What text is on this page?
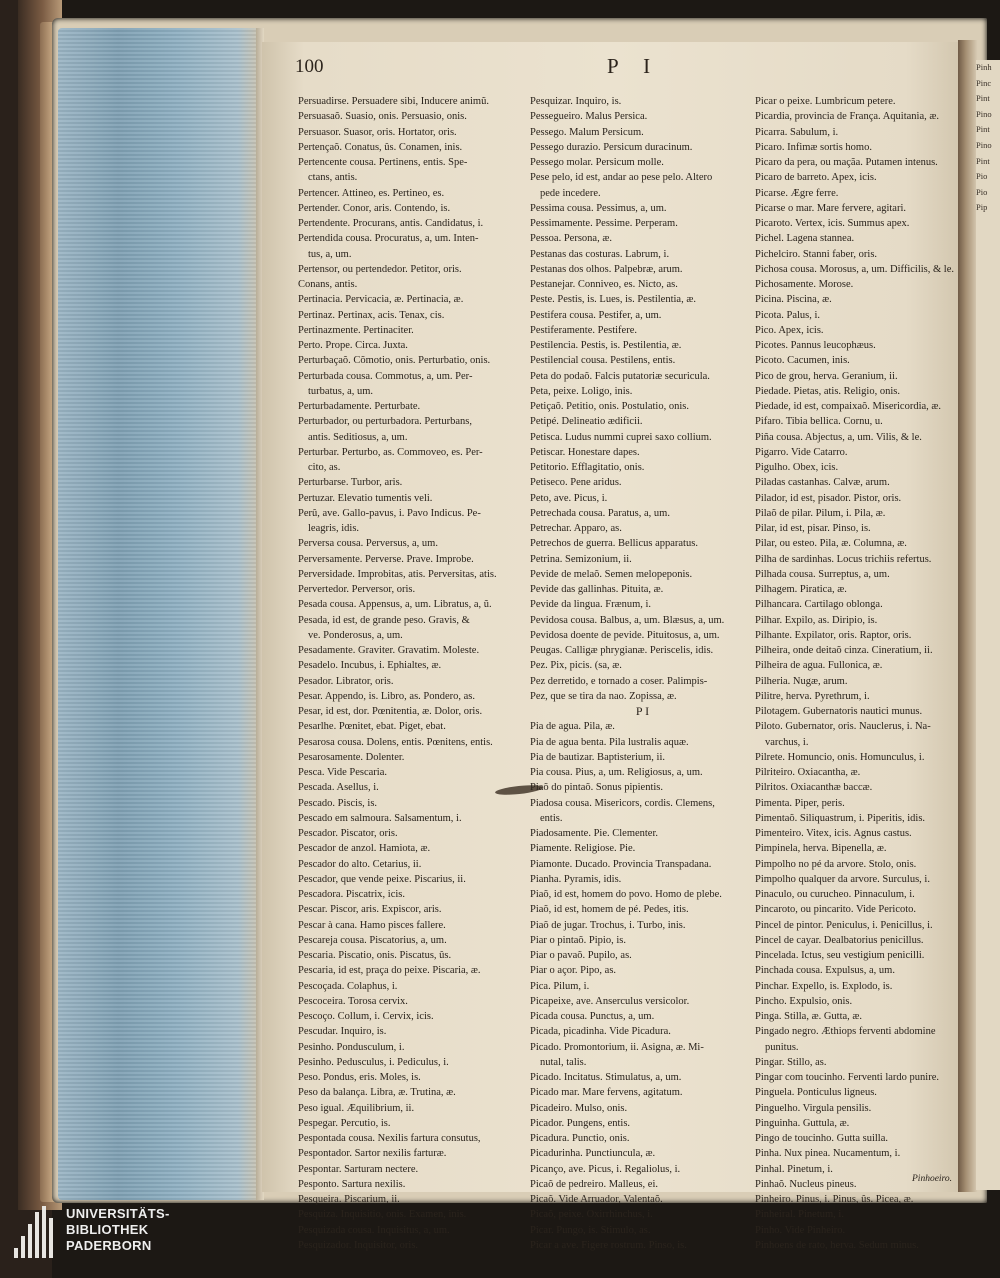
Pinh
Pinc
Pint
Pino
Pint
Pino
Pint
Pio
Pio
Pip
100	P I
Persuadirse. Persuadere sibi, Inducere animũ.
Persuasaõ. Suasio, onis. Persuasio, onis.
Persuasor. Suasor, oris. Hortator, oris.
Pertençaõ. Conatus, ûs. Conamen, inis.
Pertencente cousa. Pertinens, entis. Spe-
ctans, antis.
Pertencer. Attineo, es. Pertineo, es.
Pertender. Conor, aris. Contendo, is.
Pertendente. Procurans, antis. Candidatus, i.
Pertendida cousa. Procuratus, a, um. Inten-
tus, a, um.
Pertensor, ou pertendedor. Petitor, oris.
Conans, antis.
Pertinacia. Pervicacia, æ. Pertinacia, æ.
Pertinaz. Pertinax, acis. Tenax, cis.
Pertinazmente. Pertinaciter.
Perto. Prope. Circa. Juxta.
Perturbaçaõ. Cõmotio, onis. Perturbatio, onis.
Perturbada cousa. Commotus, a, um. Per-
turbatus, a, um.
Perturbadamente. Perturbate.
Perturbador, ou perturbadora. Perturbans,
antis. Seditiosus, a, um.
Perturbar. Perturbo, as. Commoveo, es. Per-
cito, as.
Perturbarse. Turbor, aris.
Pertuzar. Elevatio tumentis veli.
Perû, ave. Gallo-pavus, i. Pavo Indicus. Pe-
leagris, idis.
Perversa cousa. Perversus, a, um.
Perversamente. Perverse. Prave. Improbe.
Perversidade. Improbitas, atis. Perversitas, atis.
Pervertedor. Perversor, oris.
Pesada cousa. Appensus, a, um. Libratus, a, ũ.
Pesada, id est, de grande peso. Gravis, &
ve. Ponderosus, a, um.
Pesadamente. Graviter. Gravatim. Moleste.
Pesadelo. Incubus, i. Ephialtes, æ.
Pesador. Librator, oris.
Pesar. Appendo, is. Libro, as. Pondero, as.
Pesar, id est, dor. Pœnitentia, æ. Dolor, oris.
Pesarlhe. Pœnitet, ebat. Piget, ebat.
Pesarosa cousa. Dolens, entis. Pœnitens, entis.
Pesarosamente. Dolenter.
Pesca. Vide Pescaria.
Pescada. Asellus, i.
Pescado. Piscis, is.
Pescado em salmoura. Salsamentum, i.
Pescador. Piscator, oris.
Pescador de anzol. Hamiota, æ.
Pescador do alto. Cetarius, ii.
Pescador, que vende peixe. Piscarius, ii.
Pescadora. Piscatrix, icis.
Pescar. Piscor, aris. Expiscor, aris.
Pescar à cana. Hamo pisces fallere.
Pescareja cousa. Piscatorius, a, um.
Pescaria. Piscatio, onis. Piscatus, ûs.
Pescaria, id est, praça do peixe. Piscaria, æ.
Pescoçada. Colaphus, i.
Pescoceira. Torosa cervix.
Pescoço. Collum, i. Cervix, icis.
Pescudar. Inquiro, is.
Pesinho. Pondusculum, i.
Pesinho. Pedusculus, i. Pediculus, i.
Peso. Pondus, eris. Moles, is.
Peso da balança. Libra, æ. Trutina, æ.
Peso igual. Æquilibrium, ii.
Pespegar. Percutio, is.
Pespontada cousa. Nexilis fartura consutus,
Pespontador. Sartor nexilis farturæ.
Pespontar. Sarturam nectere.
Pesponto. Sartura nexilis.
Pesqueira. Piscarium, ii.
Pesquiza. Inquisitio, onis. Examen, inis.
Pesquizada cousa. Inquisitus, a, um.
Pesquizador. Inquisitor, oris.
Pesquizar. Inquiro, is.
Pessegueiro. Malus Persica.
Pessego. Malum Persicum.
Pessego durazio. Persicum duracinum.
Pessego molar. Persicum molle.
Pese pelo, id est, andar ao pese pelo. Altero
pede incedere.
Pessima cousa. Pessimus, a, um.
Pessimamente. Pessime. Perperam.
Pessoa. Persona, æ.
Pestanas das costuras. Labrum, i.
Pestanas dos olhos. Palpebræ, arum.
Pestanejar. Conniveo, es. Nicto, as.
Peste. Pestis, is. Lues, is. Pestilentia, æ.
Pestifera cousa. Pestifer, a, um.
Pestiferamente. Pestifere.
Pestilencia. Pestis, is. Pestilentia, æ.
Pestilencial cousa. Pestilens, entis.
Peta do podaõ. Falcis putatoriæ securicula.
Peta, peixe. Loligo, inis.
Petiçaõ. Petitio, onis. Postulatio, onis.
Petipé. Delineatio ædificii.
Petisca. Ludus nummi cuprei saxo collium.
Petiscar. Honestare dapes.
Petitorio. Efflagitatio, onis.
Petiseco. Pene aridus.
Peto, ave. Picus, i.
Petrechada cousa. Paratus, a, um.
Petrechar. Apparo, as.
Petrechos de guerra. Bellicus apparatus.
Petrina. Semizonium, ii.
Pevide de melaõ. Semen melopeponis.
Pevide das gallinhas. Pituita, æ.
Pevide da lingua. Frænum, i.
Pevidosa cousa. Balbus, a, um. Blæsus, a, um.
Pevidosa doente de pevide. Pituitosus, a, um.
Peugas. Calligæ phrygianæ. Periscelis, idis.
Pez. Pix, picis. (sa, æ.
Pez derretido, e tornado a coser. Palimpis-
Pez, que se tira da nao. Zopissa, æ.
P I
Pia de agua. Pila, æ.
Pia de agua benta. Pila lustralis aquæ.
Pia de bautizar. Baptisterium, ii.
Pia cousa. Pius, a, um. Religiosus, a, um.
Piaõ do pintaõ. Sonus pipientis.
Piadosa cousa. Misericors, cordis. Clemens,
entis.
Piadosamente. Pie. Clementer.
Piamente. Religiose. Pie.
Piamonte. Ducado. Provincia Transpadana.
Pianha. Pyramis, idis.
Piaõ, id est, homem do povo. Homo de plebe.
Piaõ, id est, homem de pé. Pedes, itis.
Piaõ de jugar. Trochus, i. Turbo, inis.
Piar o pintaõ. Pipio, is.
Piar o pavaõ. Pupilo, as.
Piar o açor. Pipo, as.
Pica. Pilum, i.
Picapeixe, ave. Anserculus versicolor.
Picada cousa. Punctus, a, um.
Picada, picadinha. Vide Picadura.
Picado. Promontorium, ii. Asigna, æ. Mi-
nutal, talis.
Picado. Incitatus. Stimulatus, a, um.
Picado mar. Mare fervens, agitatum.
Picadeiro. Mulso, onis.
Picador. Pungens, entis.
Picadura. Punctio, onis.
Picadurinha. Punctiuncula, æ.
Picanço, ave. Picus, i. Regaliolus, i.
Picaõ de pedreiro. Malleus, ei.
Picaõ. Vide Arruador, Valentaõ.
Picaõ, peixe. Oxirrhinchus, i.
Picar. Pungo, is. Stimulo, as.
Picar a ave. Figere rostrum. Pinso, is.
Picar o peixe. Lumbricum petere.
Picardia, provincia de França. Aquitania, æ.
Picarra. Sabulum, i.
Picaro. Infimæ sortis homo.
Picaro da pera, ou maçãa. Putamen intenus.
Picaro de barreto. Apex, icis.
Picarse. Ægre ferre.
Picarse o mar. Mare fervere, agitari.
Picaroto. Vertex, icis. Summus apex.
Pichel. Lagena stannea.
Pichelciro. Stanni faber, oris.
Pichosa cousa. Morosus, a, um. Difficilis, & le.
Pichosamente. Morose.
Picina. Piscina, æ.
Picota. Palus, i.
Pico. Apex, icis.
Picotes. Pannus leucophæus.
Picoto. Cacumen, inis.
Pico de grou, herva. Geranium, ii.
Piedade. Pietas, atis. Religio, onis.
Piedade, id est, compaixaõ. Misericordia, æ.
Pifaro. Tibia bellica. Cornu, u.
Piña cousa. Abjectus, a, um. Vilis, & le.
Pigarro. Vide Catarro.
Pigulho. Obex, icis.
Piladas castanhas. Calvæ, arum.
Pilador, id est, pisador. Pistor, oris.
Pilaõ de pilar. Pilum, i. Pila, æ.
Pilar, id est, pisar. Pinso, is.
Pilar, ou esteo. Pila, æ. Columna, æ.
Pilha de sardinhas. Locus trichiis refertus.
Pilhada cousa. Surreptus, a, um.
Pilhagem. Piratica, æ.
Pilhancara. Cartilago oblonga.
Pilhar. Expilo, as. Diripio, is.
Pilhante. Expilator, oris. Raptor, oris.
Pilheira, onde deitaõ cinza. Cineratium, ii.
Pilheira de agua. Fullonica, æ.
Pilheria. Nugæ, arum.
Pilitre, herva. Pyrethrum, i.
Pilotagem. Gubernatoris nautici munus.
Piloto. Gubernator, oris. Nauclerus, i. Na-
varchus, i.
Pilrete. Homuncio, onis. Homunculus, i.
Pilriteiro. Oxiacantha, æ.
Pilritos. Oxiacanthæ baccæ.
Pimenta. Piper, peris.
Pimentaõ. Siliquastrum, i. Piperitis, idis.
Pimenteiro. Vitex, icis. Agnus castus.
Pimpinela, herva. Bipenella, æ.
Pimpolho no pé da arvore. Stolo, onis.
Pimpolho qualquer da arvore. Surculus, i.
Pinaculo, ou curucheo. Pinnaculum, i.
Pincaroto, ou pincarito. Vide Pericoto.
Pincel de pintor. Peniculus, i. Penicillus, i.
Pincel de cayar. Dealbatorius penicillus.
Pincelada. Ictus, seu vestigium penicilli.
Pinchada cousa. Expulsus, a, um.
Pinchar. Expello, is. Explodo, is.
Pincho. Expulsio, onis.
Pinga. Stilla, æ. Gutta, æ.
Pingado negro. Æthiops ferventi abdomine
punitus.
Pingar. Stillo, as.
Pingar com toucinho. Ferventi lardo punire.
Pinguela. Ponticulus ligneus.
Pinguelho. Virgula pensilis.
Pinguinha. Guttula, æ.
Pingo de toucinho. Gutta suilla.
Pinha. Nux pinea. Nucamentum, i.
Pinhal. Pinetum, i.
Pinhaõ. Nucleus pineus.
Pinheiro. Pinus, i. Pinus, ûs. Picea, æ.
Pinheiral. Pinetum, i.
Pinho. Vide Pinheiro.
Pinhoens de rato, herva. Sedum minus.
Pinhoeiro.
UNIVERSITÄTS-
BIBLIOTHEK
PADERBORN
